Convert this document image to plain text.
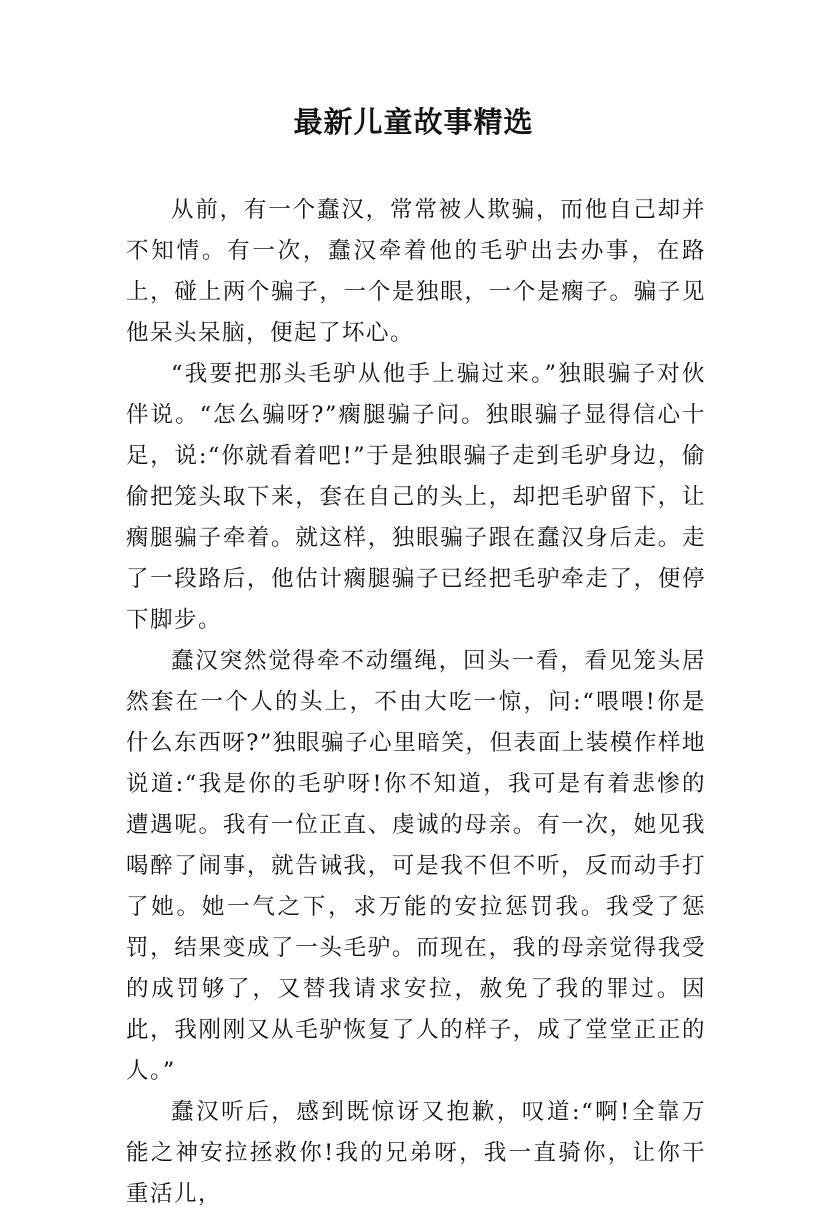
最新儿童故事精选

从前，有一个蠢汉，常常被人欺骗，而他自己却并不知情。有一次，蠢汉牵着他的毛驴出去办事，在路上，碰上两个骗子，一个是独眼，一个是瘸子。骗子见他呆头呆脑，便起了坏心。

“我要把那头毛驴从他手上骗过来。”独眼骗子对伙伴说。“怎么骗呀?”瘸腿骗子问。独眼骗子显得信心十足，说:“你就看着吧!”于是独眼骗子走到毛驴身边，偷偷把笼头取下来，套在自己的头上，却把毛驴留下，让瘸腿骗子牵着。就这样，独眼骗子跟在蠢汉身后走。走了一段路后，他估计瘸腿骗子已经把毛驴牵走了，便停下脚步。

蠢汉突然觉得牵不动缰绳，回头一看，看见笼头居然套在一个人的头上，不由大吃一惊，问:“喂喂!你是什么东西呀?”独眼骗子心里暗笑，但表面上装模作样地说道:“我是你的毛驴呀!你不知道，我可是有着悲惨的遭遇呢。我有一位正直、虔诚的母亲。有一次，她见我喝醉了闹事，就告诫我，可是我不但不听，反而动手打了她。她一气之下，求万能的安拉惩罚我。我受了惩罚，结果变成了一头毛驴。而现在，我的母亲觉得我受的成罚够了，又替我请求安拉，赦免了我的罪过。因此，我刚刚又从毛驴恢复了人的样子，成了堂堂正正的人。”

蠢汉听后，感到既惊讶又抱歉，叹道:“啊!全靠万能之神安拉拯救你!我的兄弟呀，我一直骑你，让你干重活儿，
